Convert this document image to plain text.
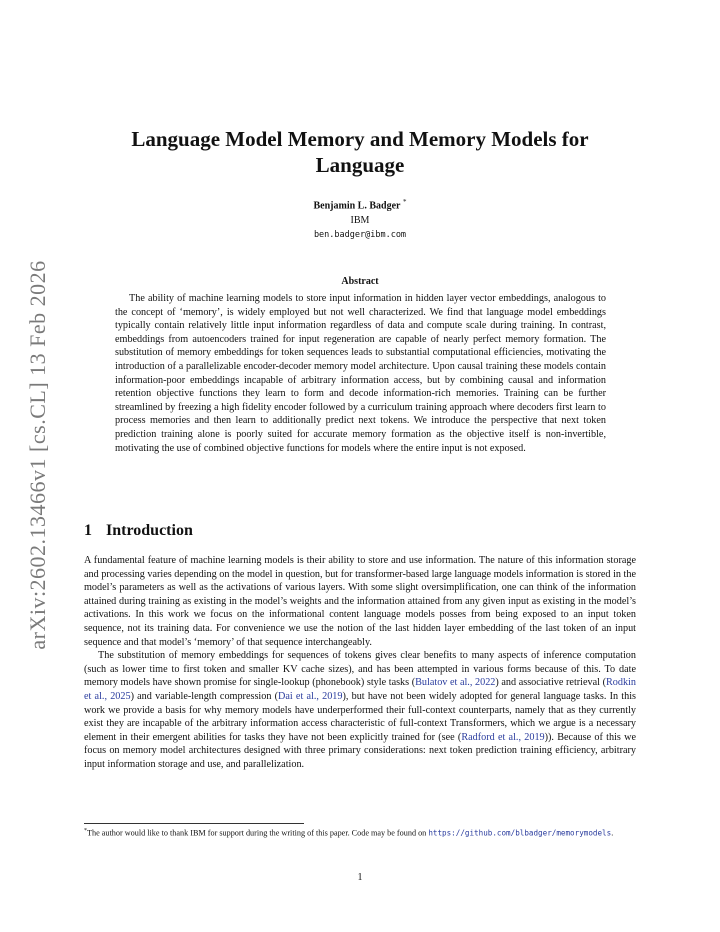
arXiv:2602.13466v1 [cs.CL] 13 Feb 2026
Language Model Memory and Memory Models for Language
Benjamin L. Badger *
IBM
ben.badger@ibm.com
Abstract

The ability of machine learning models to store input information in hidden layer vector embeddings, analogous to the concept of ‘memory’, is widely employed but not well characterized. We find that language model embeddings typically contain relatively little input information regardless of data and compute scale during training. In contrast, embeddings from autoencoders trained for input regeneration are capable of nearly perfect memory formation. The substitution of memory embeddings for token sequences leads to substantial computational efficiencies, motivating the introduction of a parallelizable encoder-decoder memory model architecture. Upon causal training these models contain information-poor embeddings incapable of arbitrary information access, but by combining causal and information retention objective functions they learn to form and decode information-rich memories. Training can be further streamlined by freezing a high fidelity encoder followed by a curriculum training approach where decoders first learn to process memories and then learn to additionally predict next tokens. We introduce the perspective that next token prediction training alone is poorly suited for accurate memory formation as the objective itself is non-invertible, motivating the use of combined objective functions for models where the entire input is not exposed.

1 Introduction

A fundamental feature of machine learning models is their ability to store and use information. The nature of this information storage and processing varies depending on the model in question, but for transformer-based large language models information is stored in the model’s parameters as well as the activations of various layers. With some slight oversimplification, one can think of the information attained during training as existing in the model’s weights and the information attained from any given input as existing in the model’s activations. In this work we focus on the informational content language models posses from being exposed to an input token sequence, not its training data. For convenience we use the notion of the last hidden layer embedding of the last token of an input sequence and that model’s ‘memory’ of that sequence interchangeably.

The substitution of memory embeddings for sequences of tokens gives clear benefits to many aspects of inference computation (such as lower time to first token and smaller KV cache sizes), and has been attempted in various forms because of this. To date memory models have shown promise for single-lookup (phonebook) style tasks (Bulatov et al., 2022) and associative retrieval (Rodkin et al., 2025) and variable-length compression (Dai et al., 2019), but have not been widely adopted for general language tasks. In this work we provide a basis for why memory models have underperformed their full-context counterparts, namely that as they currently exist they are incapable of the arbitrary information access characteristic of full-context Transformers, which we argue is a necessary element in their emergent abilities for tasks they have not been explicitly trained for (see (Radford et al., 2019)). Because of this we focus on memory model architectures designed with three primary considerations: next token prediction training efficiency, arbitrary input information storage and use, and parallelization.

*The author would like to thank IBM for support during the writing of this paper. Code may be found on https://github.com/blbadger/memorymodels.
1
